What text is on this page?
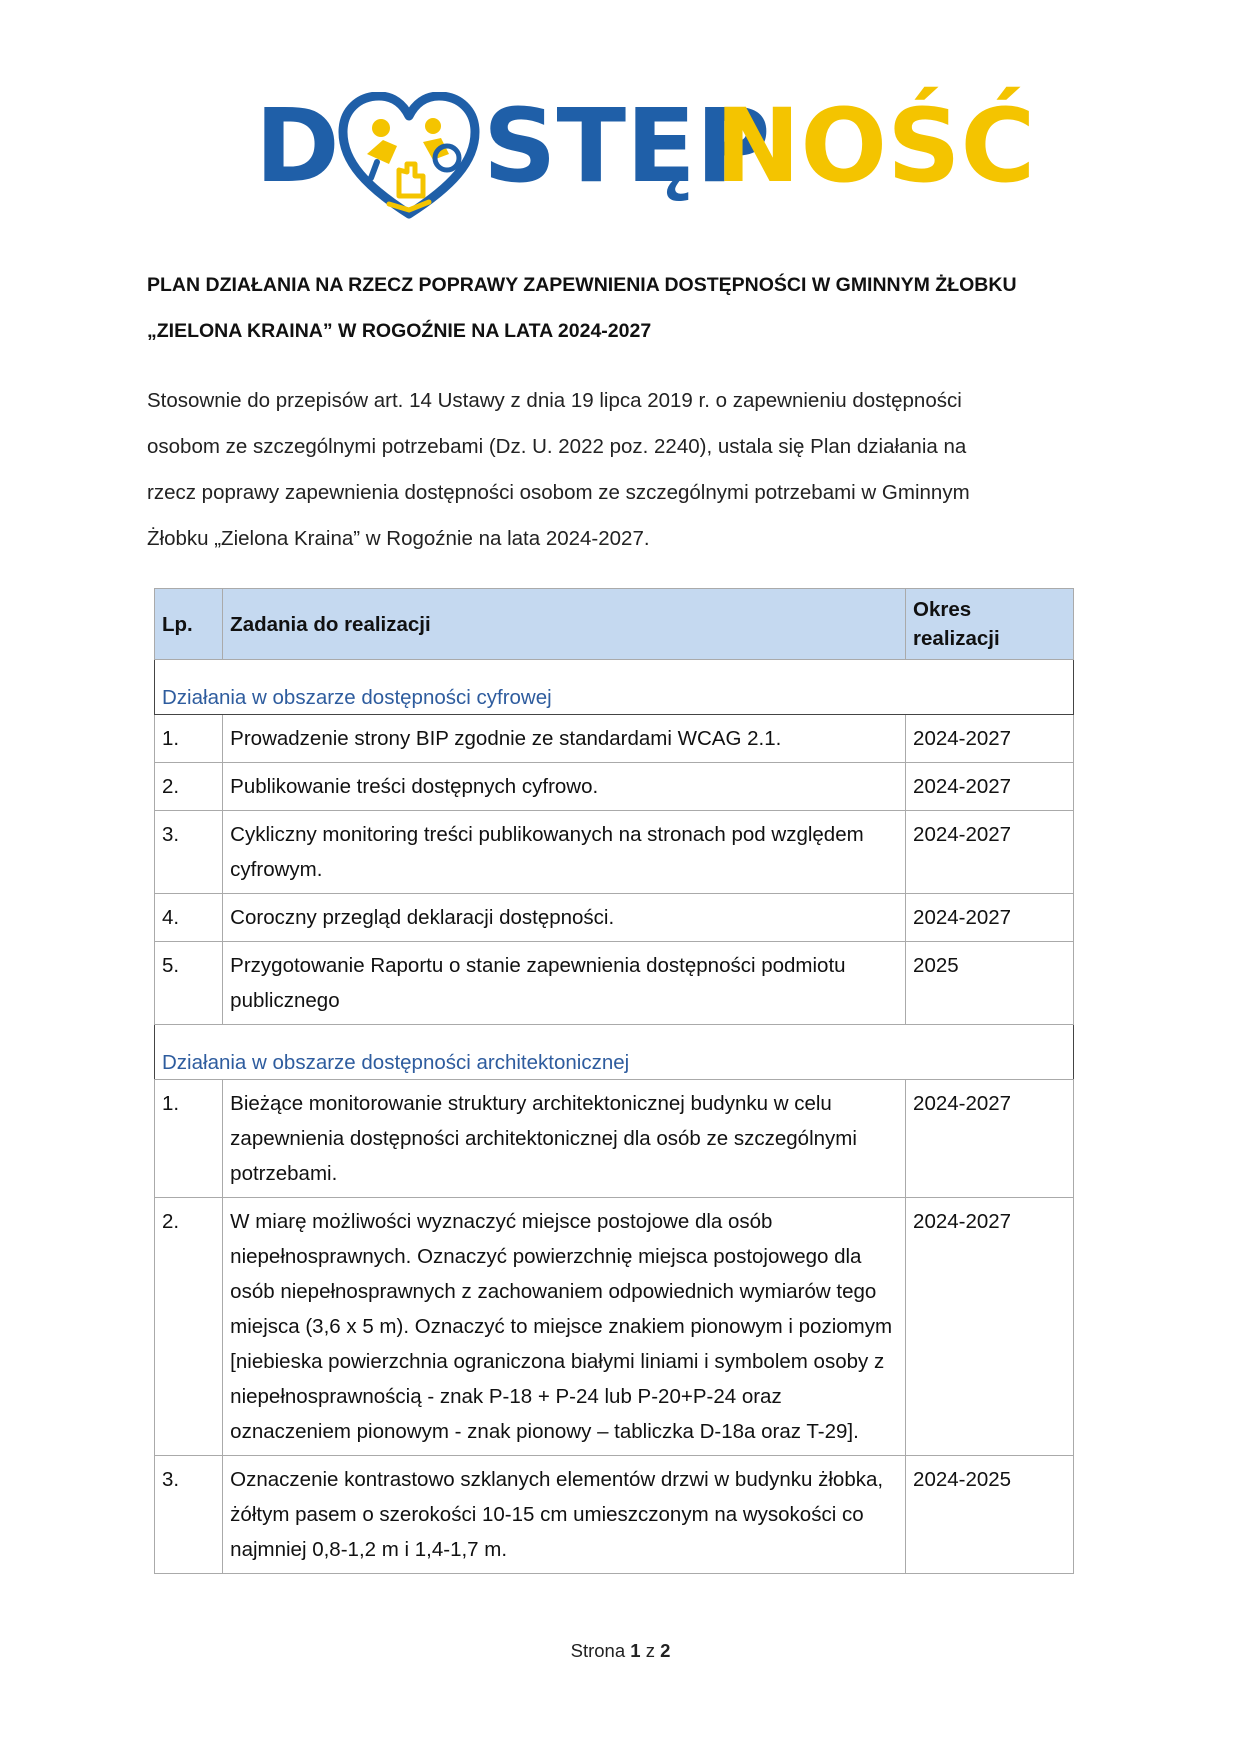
D STĘP
NOŚĆ
PLAN DZIAŁANIA NA RZECZ POPRAWY ZAPEWNIENIA DOSTĘPNOŚCI W GMINNYM ŻŁOBKU
„ZIELONA KRAINA” W ROGOŹNIE NA LATA 2024-2027
Stosownie do przepisów art. 14 Ustawy z dnia 19 lipca 2019 r. o zapewnieniu dostępności
osobom ze szczególnymi potrzebami (Dz. U. 2022 poz. 2240), ustala się Plan działania na
rzecz poprawy zapewnienia dostępności osobom ze szczególnymi potrzebami w Gminnym
Żłobku „Zielona Kraina” w Rogoźnie na lata 2024-2027.
Lp.	Zadania do realizacji	Okres
realizacji

Działania w obszarze dostępności cyfrowej		
1.	Prowadzenie strony BIP zgodnie ze standardami WCAG 2.1.	2024-2027
2.	Publikowanie treści dostępnych cyfrowo.	2024-2027
3.	Cykliczny monitoring treści publikowanych na stronach pod względem cyfrowym.	2024-2027
4.	Coroczny przegląd deklaracji dostępności.	2024-2027
5.	Przygotowanie Raportu o stanie zapewnienia dostępności podmiotu publicznego	2025
Działania w obszarze dostępności architektonicznej		
1.	Bieżące monitorowanie struktury architektonicznej budynku w celu zapewnienia dostępności architektonicznej dla osób ze szczególnymi potrzebami.	2024-2027
2.	W miarę możliwości wyznaczyć miejsce postojowe dla osób niepełnosprawnych. Oznaczyć powierzchnię miejsca postojowego dla osób niepełnosprawnych z zachowaniem odpowiednich wymiarów tego miejsca (3,6 x 5 m). Oznaczyć to miejsce znakiem pionowym i poziomym [niebieska powierzchnia ograniczona białymi liniami i symbolem osoby z niepełnosprawnością - znak P-18 + P-24 lub P-20+P-24 oraz oznaczeniem pionowym - znak pionowy – tabliczka D-18a oraz T-29].	2024-2027
3.	Oznaczenie kontrastowo szklanych elementów drzwi w budynku żłobka, żółtym pasem o szerokości 10-15 cm umieszczonym na wysokości co najmniej 0,8-1,2 m i 1,4-1,7 m.	2024-2025
Strona 1 z 2
